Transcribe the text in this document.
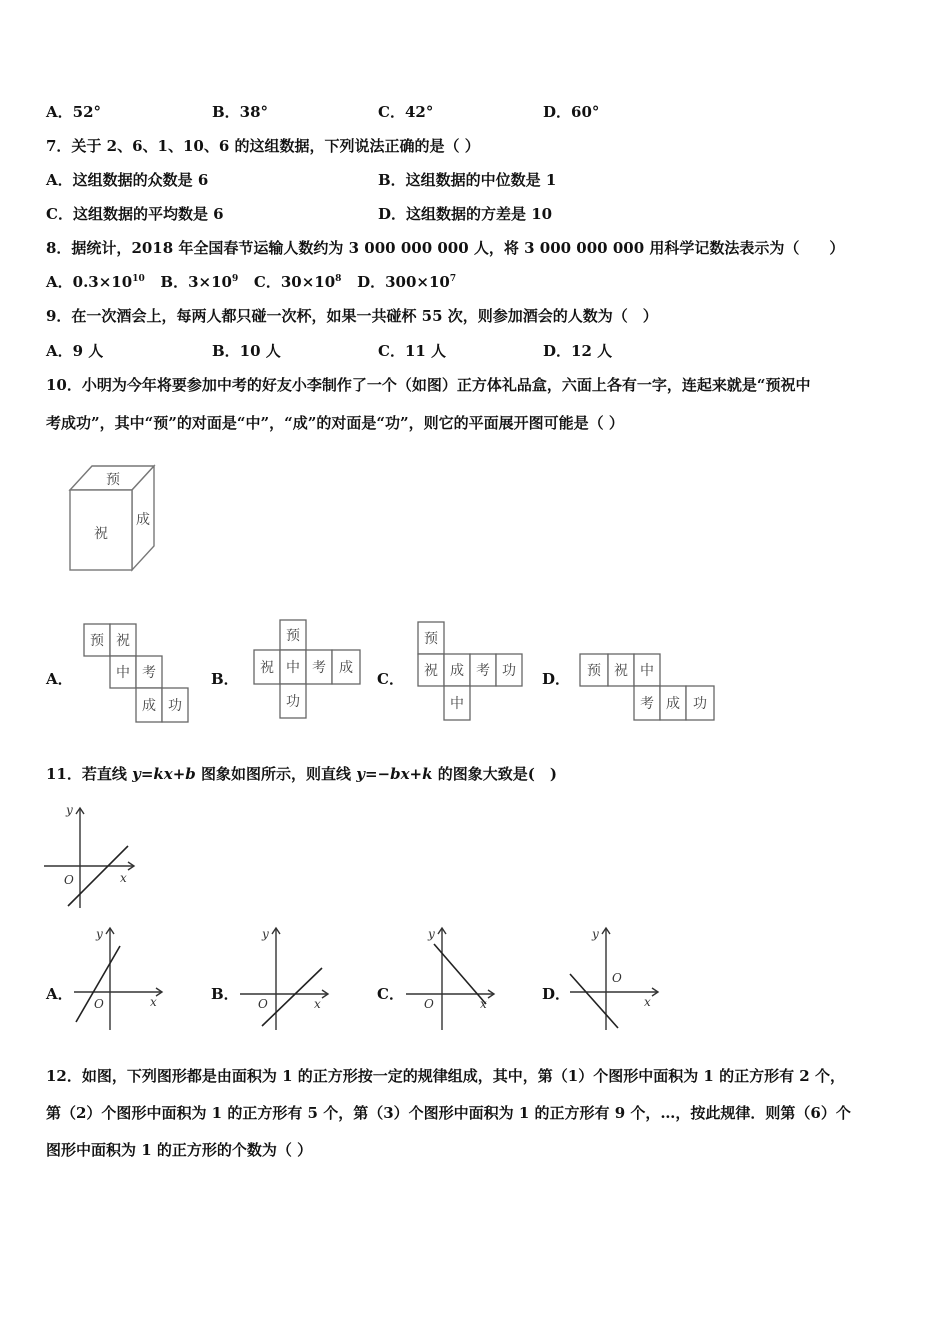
A．52°	B．38°	C．42°	D．60°
7．关于 2、6、1、10、6 的这组数据，下列说法正确的是（ ）
A．这组数据的众数是 6	B．这组数据的中位数是 1
C．这组数据的平均数是 6	D．这组数据的方差是 10
8．据统计，2018 年全国春节运输人数约为 3 000 000 000 人，将 3 000 000 000 用科学记数法表示为（　　）
A．$0.3\times 10^{10}$ B．$3\times 10^9$ C．$30\times 10^8$ D．$300\times 10^7$
9．在一次酒会上，每两人都只碰一次杯，如果一共碰杯 55 次，则参加酒会的人数为（　）
A．9 人	B．10 人	C．11 人	D．12 人
10．小明为今年将要参加中考的好友小李制作了一个（如图）正方体礼品盒，六面上各有一字，连起来就是“预祝中
考成功”，其中“预”的对面是“中”，“成”的对面是“功”，则它的平面展开图可能是（ ）
预
祝
成
A．	B．	C．	D．
预 祝
中 考
成 功
预
祝 中 考 成
功
预
祝 成 考 功
中
预 祝 中
考 成 功
11．若直线 y=kx+b 图象如图所示，则直线 y=−bx+k 的图象大致是(　)
y
x
O
A．	B．	C．	D．
y
x
O
y
x
O
y
x
O
y
x
O
12．如图，下列图形都是由面积为 1 的正方形按一定的规律组成，其中，第（1）个图形中面积为 1 的正方形有 2 个，
第（2）个图形中面积为 1 的正方形有 5 个，第（3）个图形中面积为 1 的正方形有 9 个，…，按此规律．则第（6）个
图形中面积为 1 的正方形的个数为（ ）
